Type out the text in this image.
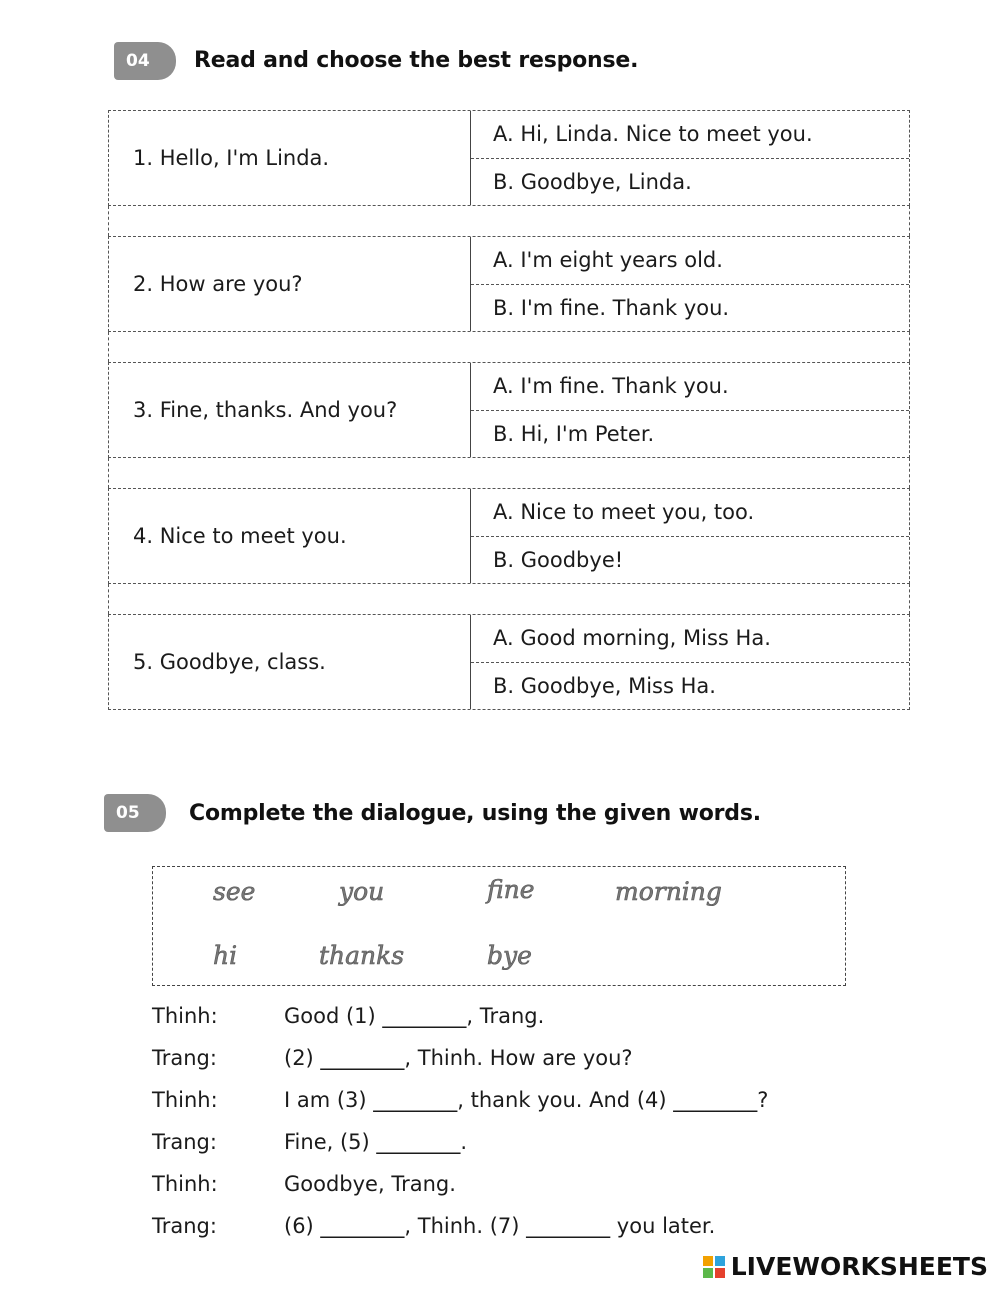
04	Read and choose the best response.
1. Hello, I'm Linda.
A. Hi, Linda. Nice to meet you.
B. Goodbye, Linda.
2. How are you?
A. I'm eight years old.
B. I'm fine. Thank you.
3. Fine, thanks. And you?
A. I'm fine. Thank you.
B. Hi, I'm Peter.
4. Nice to meet you.
A. Nice to meet you, too.
B. Goodbye!
5. Goodbye, class.
A. Good morning, Miss Ha.
B. Goodbye, Miss Ha.
05	Complete the dialogue, using the given words.
see	you	fine	morning
hi	thanks	bye
Thinh:	Good (1) ________, Trang.
Trang:	(2) ________, Thinh. How are you?
Thinh:	I am (3) ________, thank you. And (4) ________?
Trang:	Fine, (5) ________.
Thinh:	Goodbye, Trang.
Trang:	(6) ________, Thinh. (7) ________ you later.
LIVEWORKSHEETS
